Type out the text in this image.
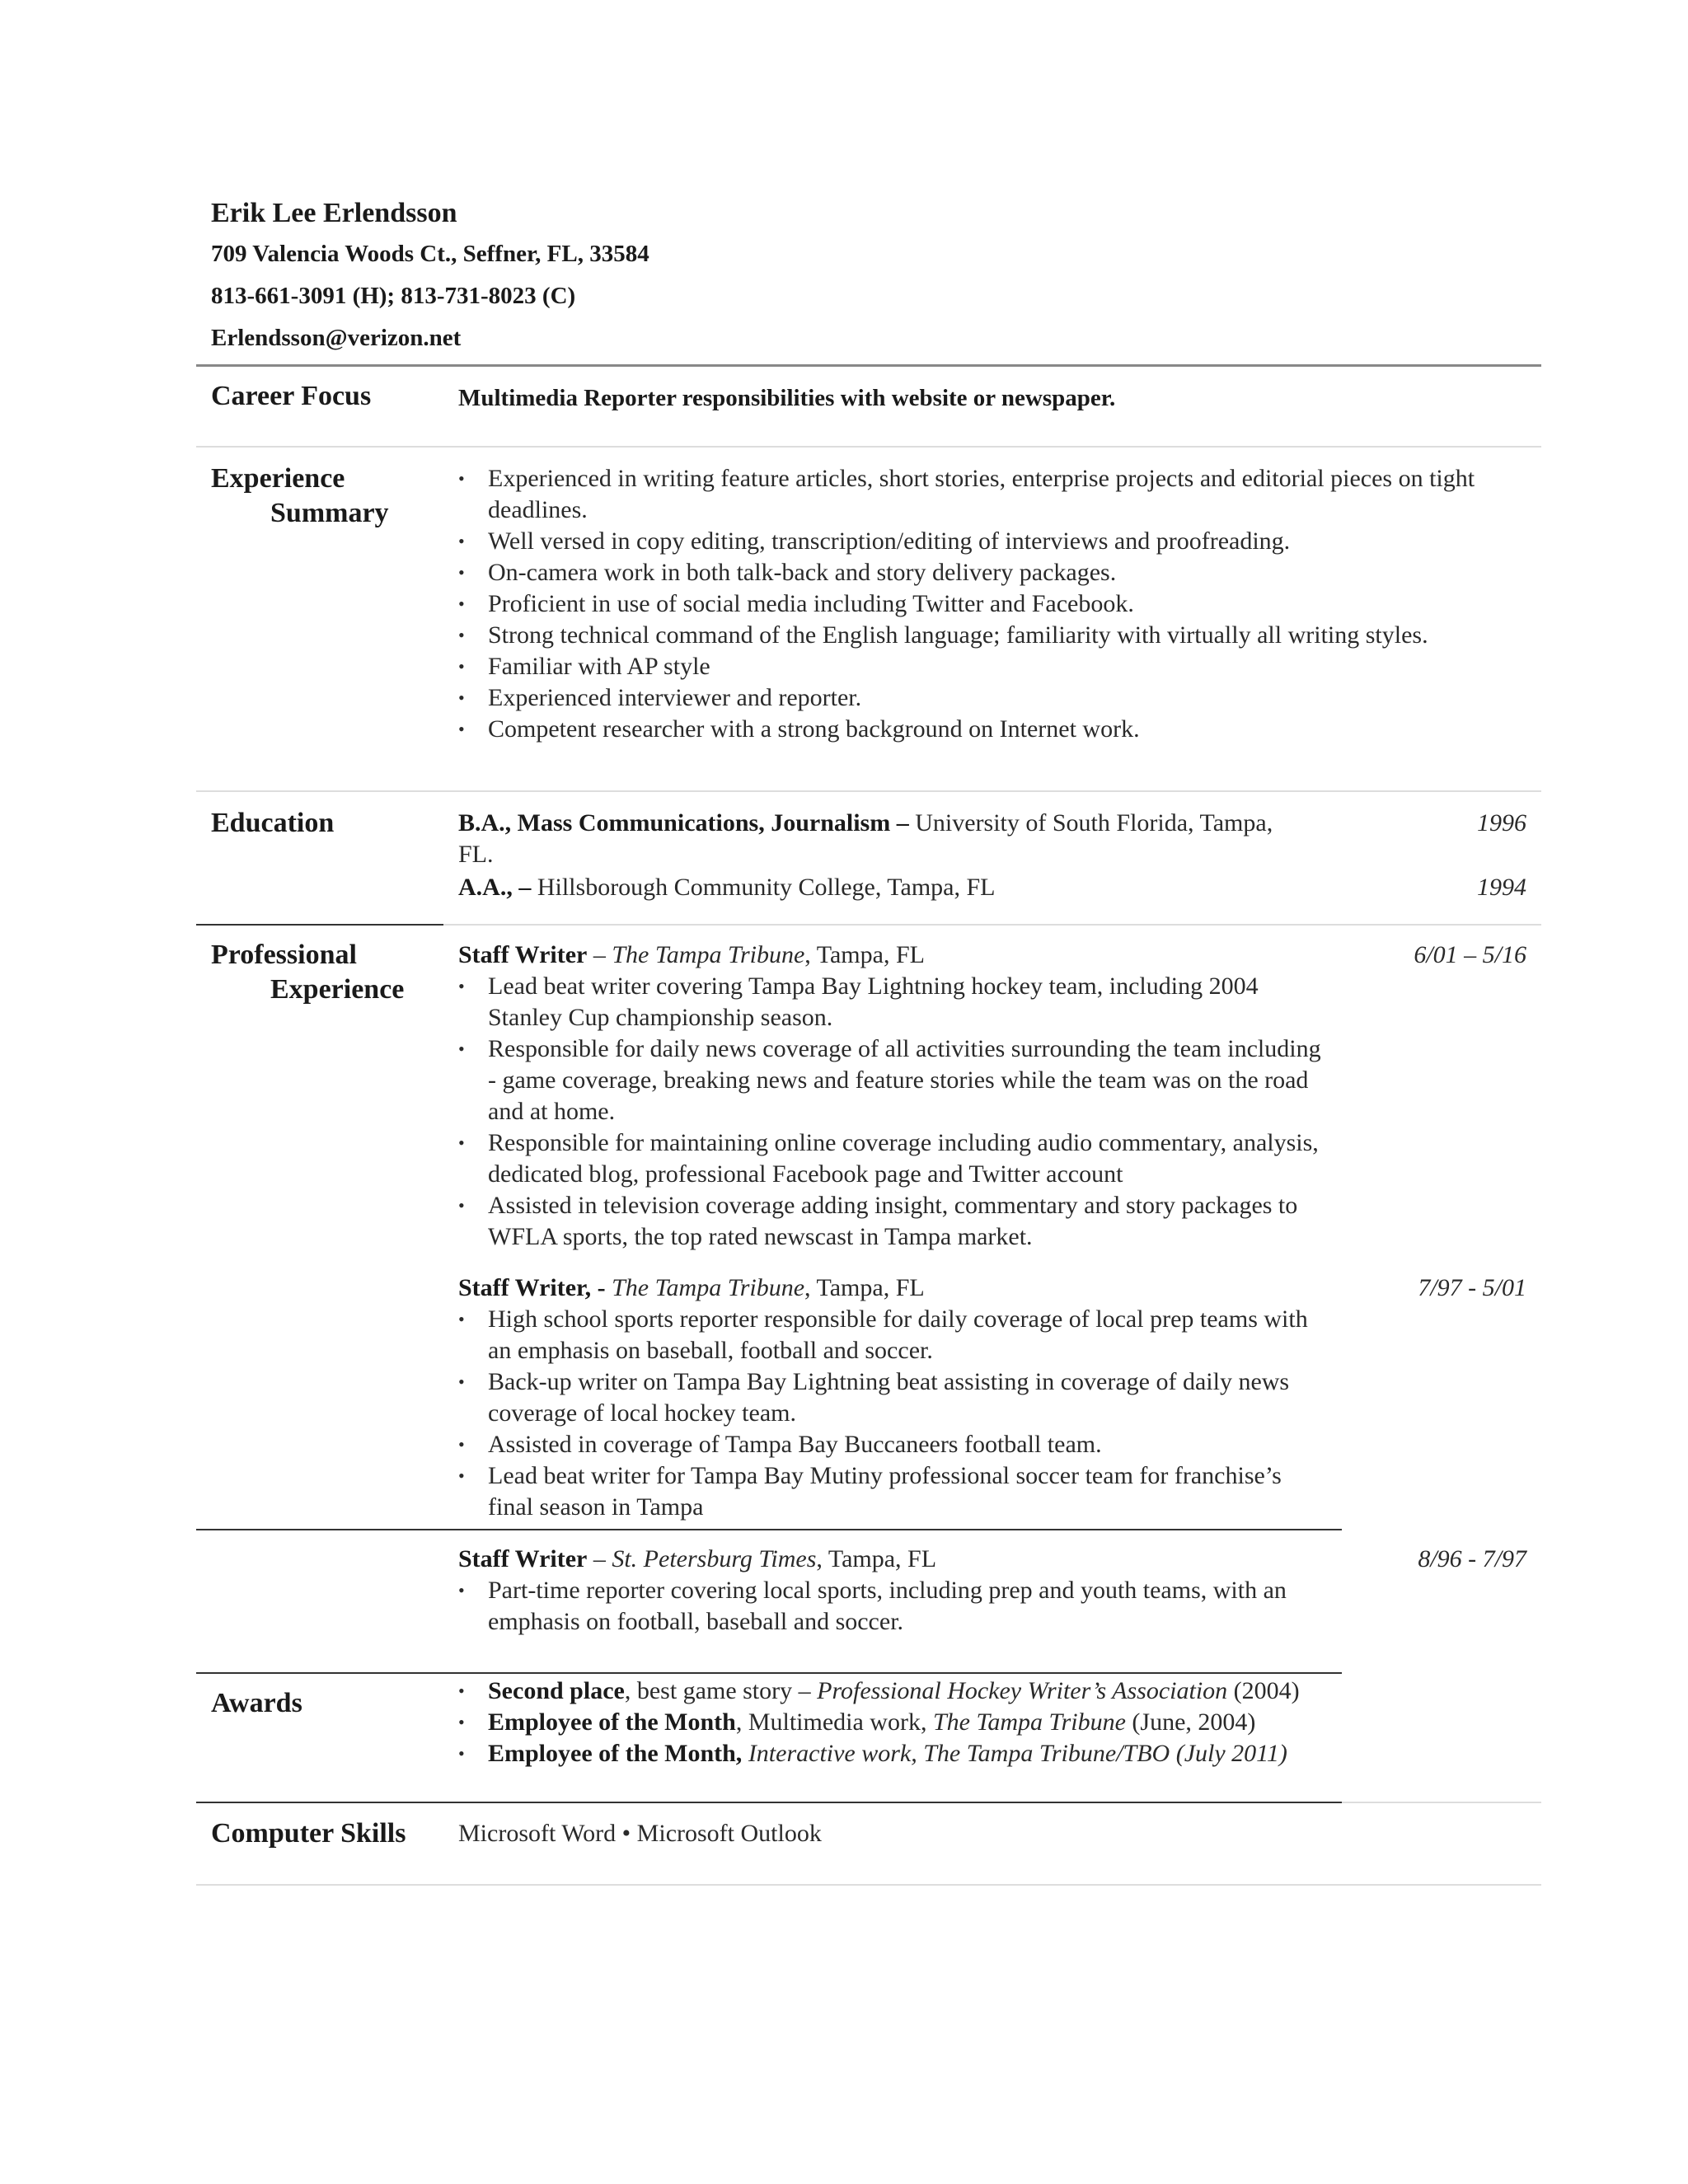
Erik Lee Erlendsson
709 Valencia Woods Ct., Seffner, FL, 33584
813-661-3091 (H); 813-731-8023 (C)
Erlendsson@verizon.net
Career Focus	Multimedia Reporter responsibilities with website or newspaper.
Experience
Summary
• Experienced in writing feature articles, short stories, enterprise projects and editorial pieces on tight deadlines.
• Well versed in copy editing, transcription/editing of interviews and proofreading.
• On-camera work in both talk-back and story delivery packages.
• Proficient in use of social media including Twitter and Facebook.
• Strong technical command of the English language; familiarity with virtually all writing styles.
• Familiar with AP style
• Experienced interviewer and reporter.
• Competent researcher with a strong background on Internet work.
Education	B.A., Mass Communications, Journalism – University of South Florida, Tampa, FL.
1996
A.A., – Hillsborough Community College, Tampa, FL	1994
Professional
Experience
Staff Writer – The Tampa Tribune, Tampa, FL
• Lead beat writer covering Tampa Bay Lightning hockey team, including 2004 Stanley Cup championship season.
• Responsible for daily news coverage of all activities surrounding the team including - game coverage, breaking news and feature stories while the team was on the road and at home.
• Responsible for maintaining online coverage including audio commentary, analysis, dedicated blog, professional Facebook page and Twitter account
• Assisted in television coverage adding insight, commentary and story packages to WFLA sports, the top rated newscast in Tampa market.
6/01 – 5/16
Staff Writer, - The Tampa Tribune, Tampa, FL
• High school sports reporter responsible for daily coverage of local prep teams with an emphasis on baseball, football and soccer.
• Back-up writer on Tampa Bay Lightning beat assisting in coverage of daily news coverage of local hockey team.
• Assisted in coverage of Tampa Bay Buccaneers football team.
• Lead beat writer for Tampa Bay Mutiny professional soccer team for franchise’s final season in Tampa
7/97 - 5/01
Staff Writer – St. Petersburg Times, Tampa, FL
• Part-time reporter covering local sports, including prep and youth teams, with an emphasis on football, baseball and soccer.
8/96 - 7/97
Awards
•	Second place, best game story – Professional Hockey Writer’s Association (2004)
• Employee of the Month, Multimedia work, The Tampa Tribune (June, 2004)
• Employee of the Month, Interactive work, The Tampa Tribune/TBO (July 2011)
Computer Skills Microsoft Word • Microsoft Outlook
